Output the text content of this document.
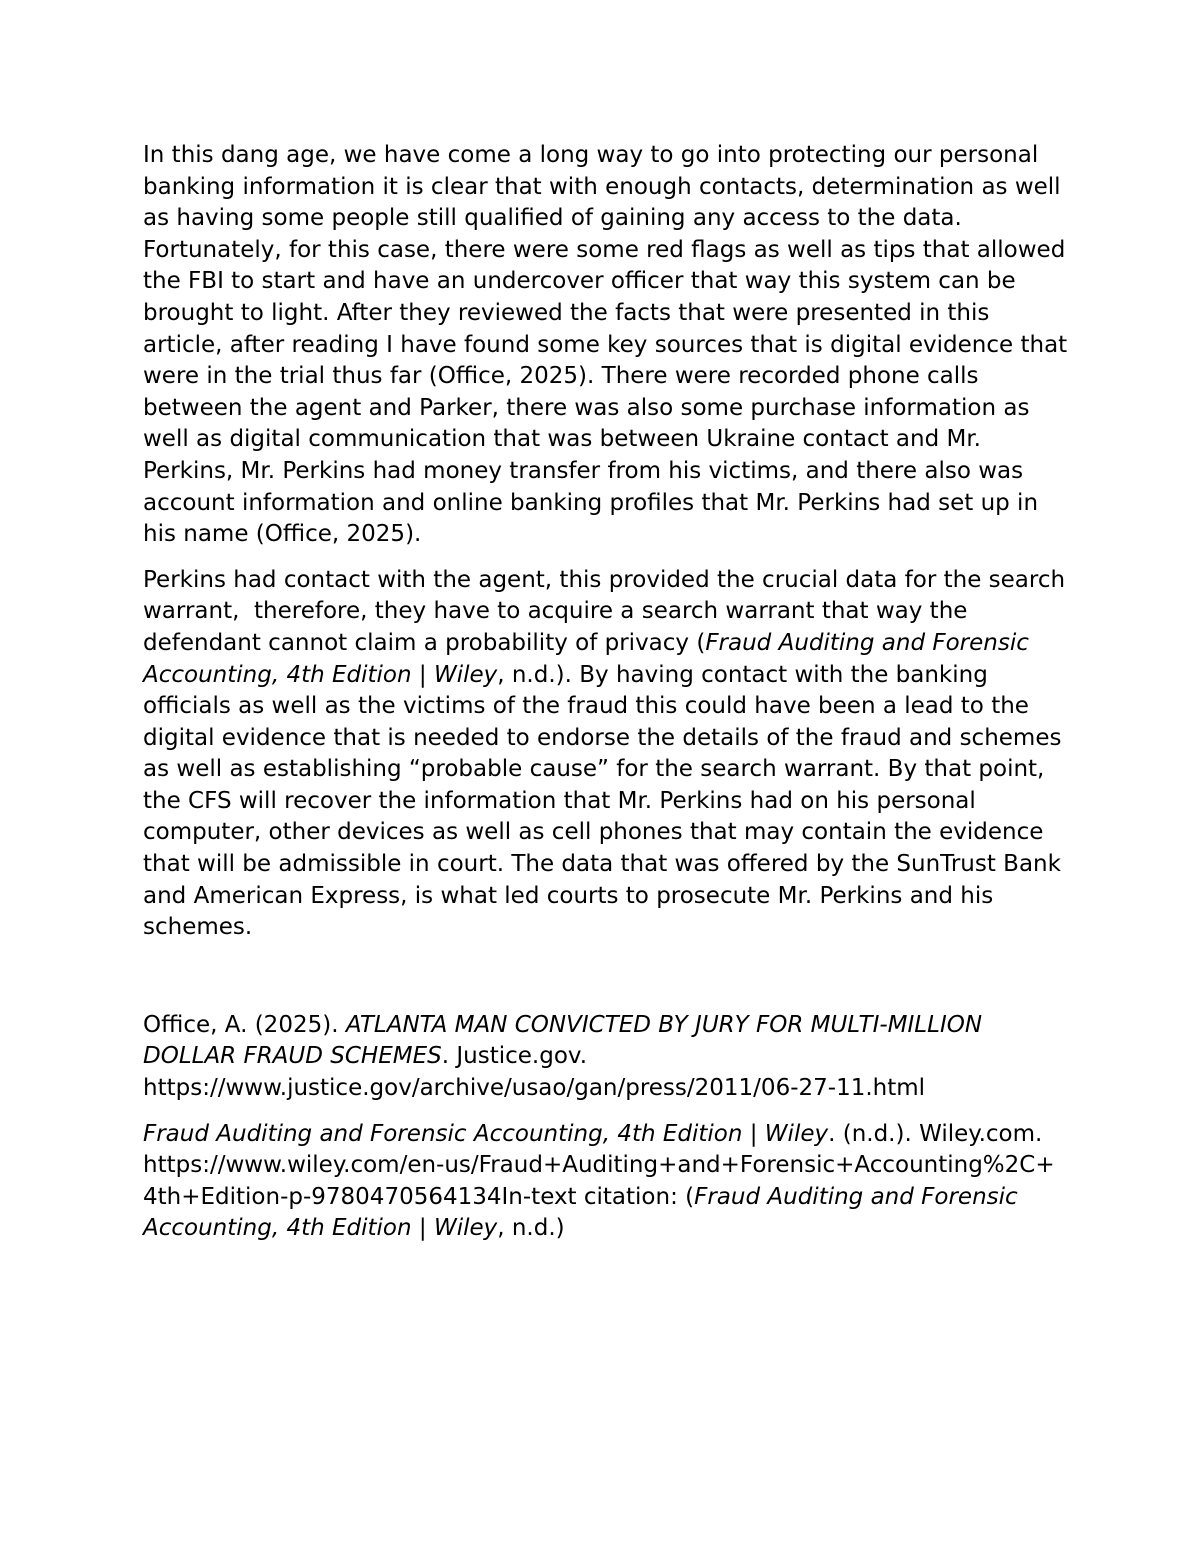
In this dang age, we have come a long way to go into protecting our personal banking information it is clear that with enough contacts, determination as well as having some people still qualified of gaining any access to the data. Fortunately, for this case, there were some red flags as well as tips that allowed the FBI to start and have an undercover officer that way this system can be brought to light. After they reviewed the facts that were presented in this article, after reading I have found some key sources that is digital evidence that were in the trial thus far (Office, 2025). There were recorded phone calls between the agent and Parker, there was also some purchase information as well as digital communication that was between Ukraine contact and Mr. Perkins, Mr. Perkins had money transfer from his victims, and there also was account information and online banking profiles that Mr. Perkins had set up in his name (Office, 2025).

Perkins had contact with the agent, this provided the crucial data for the search warrant,  therefore, they have to acquire a search warrant that way the defendant cannot claim a probability of privacy (Fraud Auditing and Forensic Accounting, 4th Edition | Wiley, n.d.). By having contact with the banking officials as well as the victims of the fraud this could have been a lead to the digital evidence that is needed to endorse the details of the fraud and schemes as well as establishing “probable cause” for the search warrant. By that point, the CFS will recover the information that Mr. Perkins had on his personal computer, other devices as well as cell phones that may contain the evidence that will be admissible in court. The data that was offered by the SunTrust Bank and American Express, is what led courts to prosecute Mr. Perkins and his schemes.

Office, A. (2025). ATLANTA MAN CONVICTED BY JURY FOR MULTI-MILLION DOLLAR FRAUD SCHEMES. Justice.gov.
https://www.justice.gov/archive/usao/gan/press/2011/06-27-11.html

Fraud Auditing and Forensic Accounting, 4th Edition | Wiley. (n.d.). Wiley.com.
https://www.wiley.com/en-us/Fraud+Auditing+and+Forensic+Accounting%2C+4th+Edition-p-9780470564134In-text citation: (Fraud Auditing and Forensic Accounting, 4th Edition | Wiley, n.d.)
